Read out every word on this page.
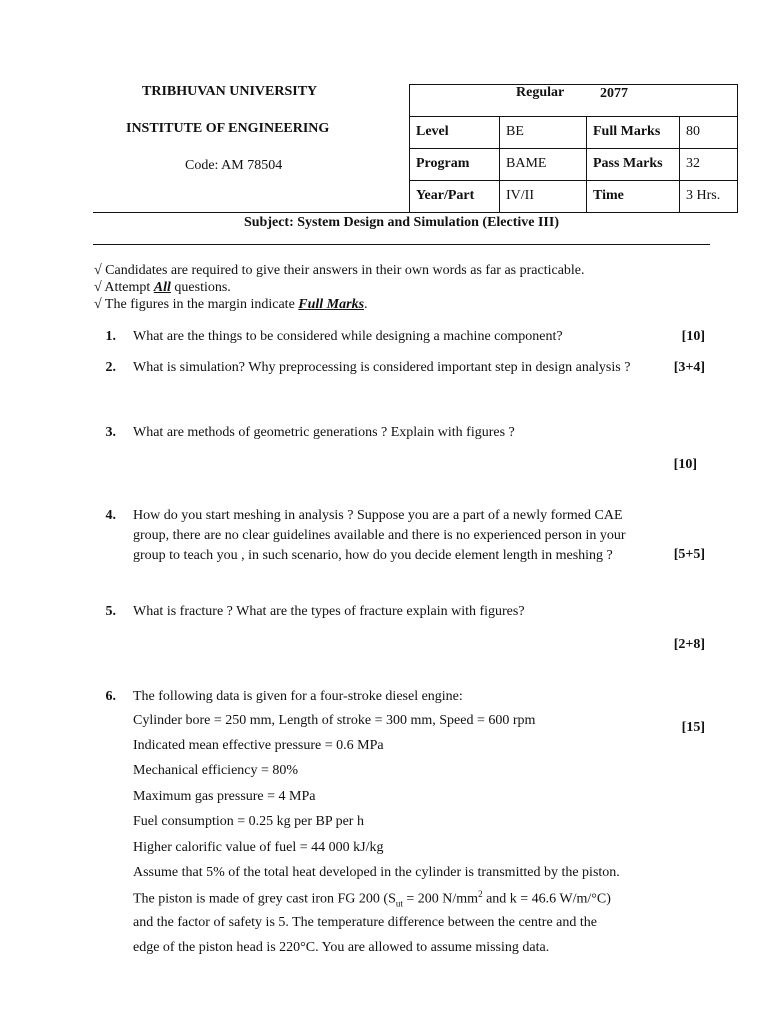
TRIBHUVAN UNIVERSITY
INSTITUTE OF ENGINEERING
Code: AM 78504
Regular	2077
Level	BE	Full Marks	80
Program	BAME	Pass Marks	32
Year/Part	IV/II	Time	3 Hrs.
Subject: System Design and Simulation (Elective III)
√ Candidates are required to give their answers in their own words as far as practicable.
√ Attempt All questions.
√ The figures in the margin indicate Full Marks.
1. What are the things to be considered while designing a machine component?	[10]
2. What is simulation? Why preprocessing is considered important step in design analysis ?	[3+4]
3. What are methods of geometric generations ? Explain with figures ?
[10]
4. How do you start meshing in analysis ? Suppose you are a part of a newly formed CAE group, there are no clear guidelines available and there is no experienced person in your group to teach you , in such scenario, how do you decide element length in meshing ?	[5+5]
5. What is fracture ? What are the types of fracture explain with figures?
[2+8]
6. The following data is given for a four-stroke diesel engine:
[15]
Cylinder bore = 250 mm, Length of stroke = 300 mm, Speed = 600 rpm
Indicated mean effective pressure = 0.6 MPa
Mechanical efficiency = 80%
Maximum gas pressure = 4 MPa
Fuel consumption = 0.25 kg per BP per h
Higher calorific value of fuel = 44 000 kJ/kg
Assume that 5% of the total heat developed in the cylinder is transmitted by the piston.
The piston is made of grey cast iron FG 200 ($S_{ut} = 200$ $N/mm^2$ and k = 46.6 W/m/°C)
and the factor of safety is 5. The temperature difference between the centre and the
edge of the piston head is 220°C. You are allowed to assume missing data.
